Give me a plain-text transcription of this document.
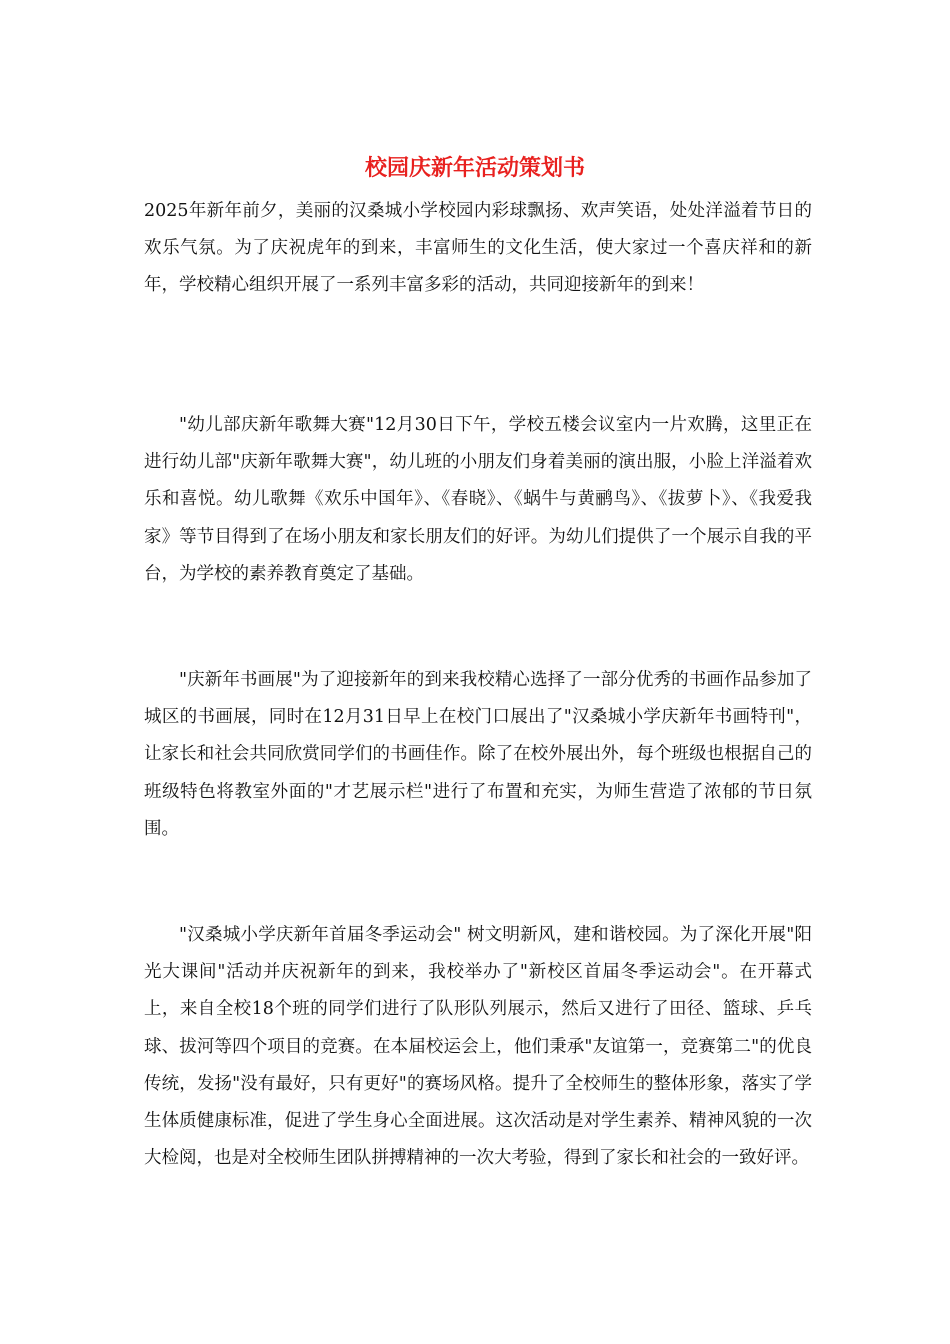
校园庆新年活动策划书

2025年新年前夕，美丽的汉桑城小学校园内彩球飘扬、欢声笑语，处处洋溢着节日的欢乐气氛。为了庆祝虎年的到来，丰富师生的文化生活，使大家过一个喜庆祥和的新年，学校精心组织开展了一系列丰富多彩的活动，共同迎接新年的到来！

"幼儿部庆新年歌舞大赛"12月30日下午，学校五楼会议室内一片欢腾，这里正在进行幼儿部"庆新年歌舞大赛"，幼儿班的小朋友们身着美丽的演出服，小脸上洋溢着欢乐和喜悦。幼儿歌舞《欢乐中国年》、《春晓》、《蜗牛与黄鹂鸟》、《拔萝卜》、《我爱我家》等节目得到了在场小朋友和家长朋友们的好评。为幼儿们提供了一个展示自我的平台，为学校的素养教育奠定了基础。

"庆新年书画展"为了迎接新年的到来我校精心选择了一部分优秀的书画作品参加了城区的书画展，同时在12月31日早上在校门口展出了"汉桑城小学庆新年书画特刊"，让家长和社会共同欣赏同学们的书画佳作。除了在校外展出外，每个班级也根据自己的班级特色将教室外面的"才艺展示栏"进行了布置和充实，为师生营造了浓郁的节日氛围。

"汉桑城小学庆新年首届冬季运动会" 树文明新风，建和谐校园。为了深化开展"阳光大课间"活动并庆祝新年的到来，我校举办了"新校区首届冬季运动会"。在开幕式上，来自全校18个班的同学们进行了队形队列展示，然后又进行了田径、篮球、乒乓球、拔河等四个项目的竞赛。在本届校运会上，他们秉承"友谊第一，竞赛第二"的优良传统，发扬"没有最好，只有更好"的赛场风格。提升了全校师生的整体形象，落实了学生体质健康标准，促进了学生身心全面进展。这次活动是对学生素养、精神风貌的一次大检阅，也是对全校师生团队拼搏精神的一次大考验，得到了家长和社会的一致好评。
